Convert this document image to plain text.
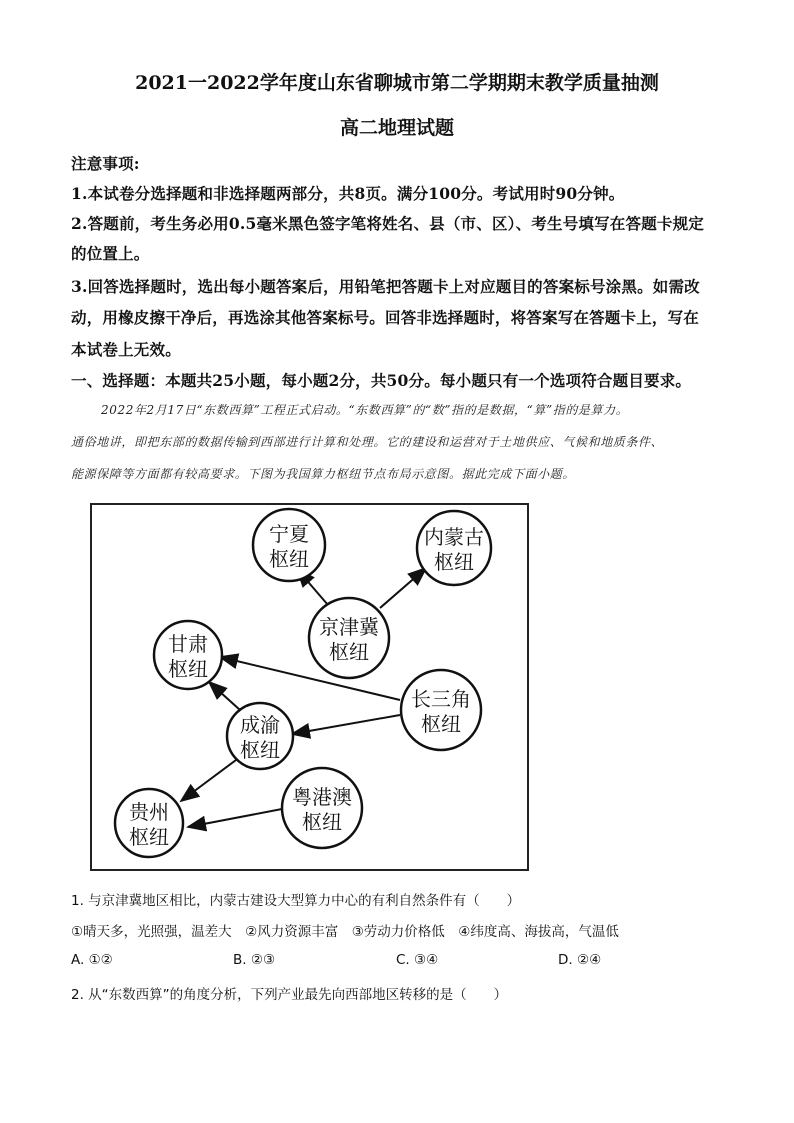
2021一2022学年度山东省聊城市第二学期期末教学质量抽测
高二地理试题
注意事项:
1.本试卷分选择题和非选择题两部分，共8页。满分100分。考试用时90分钟。
2.答题前，考生务必用0.5毫米黑色签字笔将姓名、县（市、区）、考生号填写在答题卡规定
的位置上。
3.回答选择题时，选出每小题答案后，用铅笔把答题卡上对应题目的答案标号涂黑。如需改
动，用橡皮擦干净后，再选涂其他答案标号。回答非选择题时，将答案写在答题卡上，写在
本试卷上无效。
一、选择题：本题共25小题，每小题2分，共50分。每小题只有一个选项符合题目要求。
2022年2月17日“东数西算”工程正式启动。“东数西算”的“数”指的是数据，“算”指的是算力。
通俗地讲，即把东部的数据传输到西部进行计算和处理。它的建设和运营对于土地供应、气候和地质条件、
能源保障等方面都有较高要求。下图为我国算力枢纽节点布局示意图。据此完成下面小题。
宁夏
枢纽
内蒙古
枢纽
京津冀
枢纽
甘肃
枢纽
长三角
枢纽
成渝
枢纽
粤港澳
枢纽
贵州
枢纽
1. 与京津冀地区相比，内蒙古建设大型算力中心的有利自然条件有（　　）
①晴天多，光照强，温差大　②风力资源丰富　③劳动力价格低　④纬度高、海拔高，气温低
A. ①②	B. ②③	C. ③④	D. ②④
2. 从“东数西算”的角度分析，下列产业最先向西部地区转移的是（　　）
